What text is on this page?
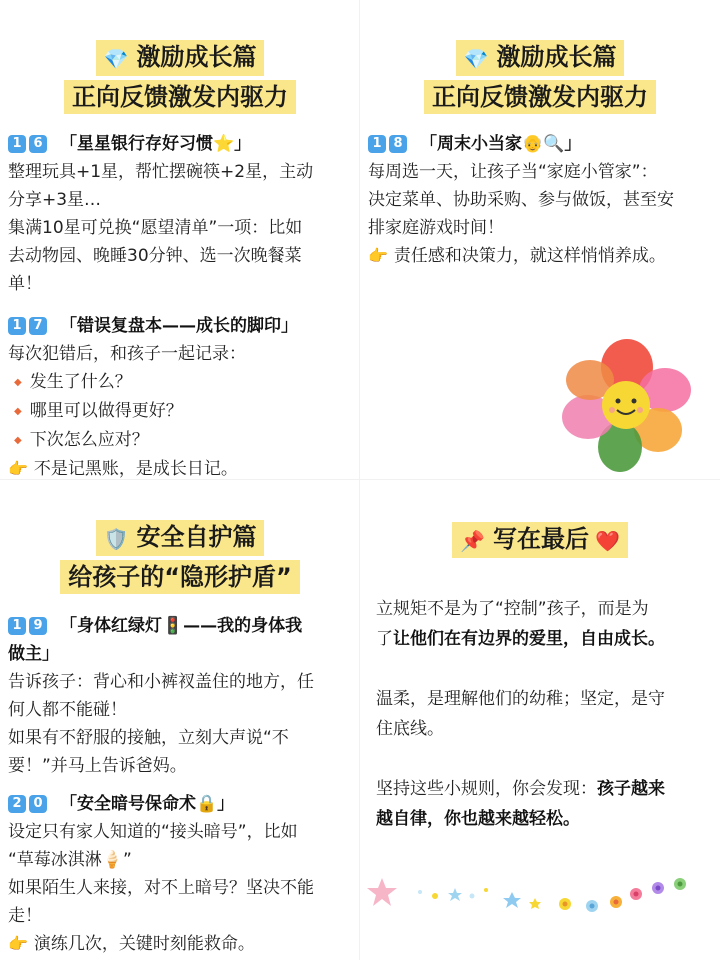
💎 激励成长篇
正向反馈激发内驱力
1 6 「星星银行存好习惯⭐」

整理玩具+1星，帮忙摆碗筷+2星，主动

分享+3星…

集满10星可兑换“愿望清单”一项：比如

去动物园、晚睡30分钟、选一次晚餐菜

单！

1 7 「错误复盘本——成长的脚印」

每次犯错后，和孩子一起记录：

◆ 发生了什么？

◆ 哪里可以做得更好？

◆ 下次怎么应对？

👉 不是记黑账，是成长日记。

💎 激励成长篇
正向反馈激发内驱力
1 8 「周末小当家👴🔍」

每周选一天，让孩子当“家庭小管家”：

决定菜单、协助采购、参与做饭，甚至安

排家庭游戏时间！

👉 责任感和决策力，就这样悄悄养成。

🛡️ 安全自护篇
给孩子的“隐形护盾”
1 9 「身体红绿灯🚦——我的身体我
做主」

告诉孩子：背心和小裤衩盖住的地方，任

何人都不能碰！

如果有不舒服的接触，立刻大声说“不

要！”并马上告诉爸妈。

2 0 「安全暗号保命术🔒」

设定只有家人知道的“接头暗号”，比如

“草莓冰淇淋🍦”

如果陌生人来接，对不上暗号？坚决不能

走！

👉 演练几次，关键时刻能救命。

📌 写在最后 ❤️

立规矩不是为了“控制”孩子，而是为

了让他们在有边界的爱里，自由成长。

温柔，是理解他们的幼稚；坚定，是守

住底线。

坚持这些小规则，你会发现：孩子越来

越自律，你也越来越轻松。
